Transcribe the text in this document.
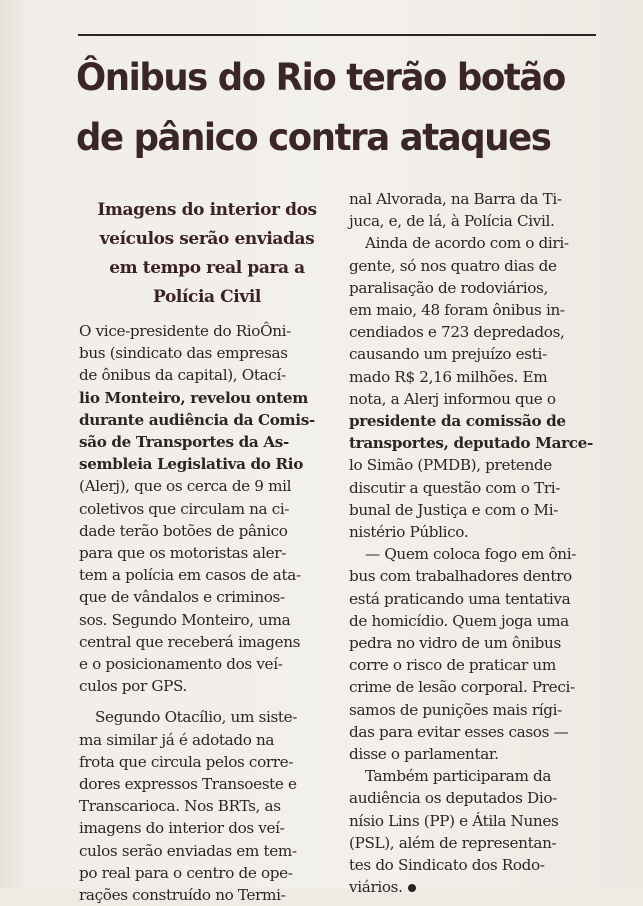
Ônibus do Rio terão botão
de pânico contra ataques
Imagens do interior dos
veículos serão enviadas
em tempo real para a
Polícia Civil
O vice-presidente do RioÔni-
bus (sindicato das empresas
de ônibus da capital), Otací-
lio Monteiro, revelou ontem
durante audiência da Comis-
são de Transportes da As-
sembleia Legislativa do Rio
(Alerj), que os cerca de 9 mil
coletivos que circulam na ci-
dade terão botões de pânico
para que os motoristas aler-
tem a polícia em casos de ata-
que de vândalos e criminos-
sos. Segundo Monteiro, uma
central que receberá imagens
e o posicionamento dos veí-
culos por GPS.
Segundo Otacílio, um siste-
ma similar já é adotado na
frota que circula pelos corre-
dores expressos Transoeste e
Transcarioca. Nos BRTs, as
imagens do interior dos veí-
culos serão enviadas em tem-
po real para o centro de ope-
rações construído no Termi-
nal Alvorada, na Barra da Ti-
juca, e, de lá, à Polícia Civil.
Ainda de acordo com o diri-
gente, só nos quatro dias de
paralisação de rodoviários,
em maio, 48 foram ônibus in-
cendiados e 723 depredados,
causando um prejuízo esti-
mado R$ 2,16 milhões. Em
nota, a Alerj informou que o
presidente da comissão de
transportes, deputado Marce-
lo Simão (PMDB), pretende
discutir a questão com o Tri-
bunal de Justiça e com o Mi-
nistério Público.
— Quem coloca fogo em ôni-
bus com trabalhadores dentro
está praticando uma tentativa
de homicídio. Quem joga uma
pedra no vidro de um ônibus
corre o risco de praticar um
crime de lesão corporal. Preci-
samos de punições mais rígi-
das para evitar esses casos —
disse o parlamentar.
Também participaram da
audiência os deputados Dio-
nísio Lins (PP) e Átila Nunes
(PSL), além de representan-
tes do Sindicato dos Rodo-
viários.
